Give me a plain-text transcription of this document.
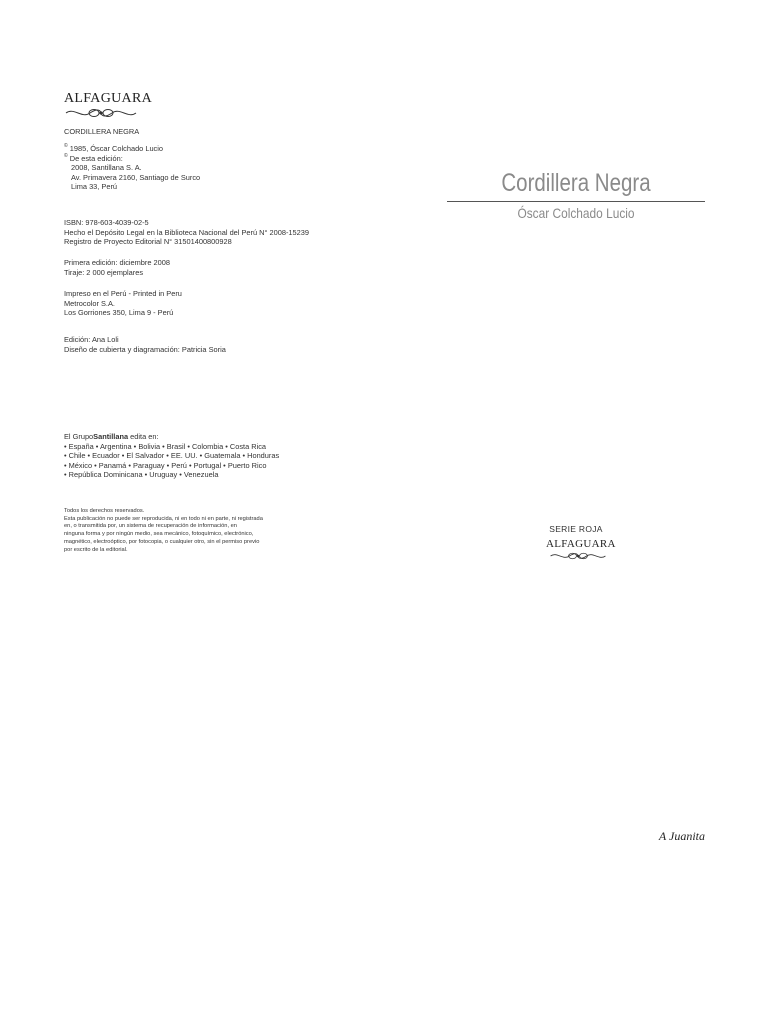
ALFAGUARA
CORDILLERA NEGRA
© 1985, Óscar Colchado Lucio
© De esta edición:
2008, Santillana S. A.
Av. Primavera 2160, Santiago de Surco
Lima 33, Perú
ISBN: 978-603-4039-02-5
Hecho el Depósito Legal en la Biblioteca Nacional del Perú N° 2008-15239
Registro de Proyecto Editorial N° 31501400800928
Primera edición: diciembre 2008
Tiraje: 2 000 ejemplares
Impreso en el Perú - Printed in Peru
Metrocolor S.A.
Los Gorriones 350, Lima 9 - Perú
Edición: Ana Loli
Diseño de cubierta y diagramación: Patricia Soria
El GrupoSantillana edita en:
• España • Argentina • Bolivia • Brasil • Colombia • Costa Rica
• Chile • Ecuador • El Salvador • EE. UU. • Guatemala • Honduras
• México • Panamá • Paraguay • Perú • Portugal • Puerto Rico
• República Dominicana • Uruguay • Venezuela
Todos los derechos reservados.
Esta publicación no puede ser reproducida, ni en todo ni en parte, ni registrada
en, o transmitida por, un sistema de recuperación de información, en
ninguna forma y por ningún medio, sea mecánico, fotoquímico, electrónico,
magnético, electroóptico, por fotocopia, o cualquier otro, sin el permiso previo
por escrito de la editorial.
Cordillera Negra
Óscar Colchado Lucio
SERIE ROJA
ALFAGUARA
A Juanita
